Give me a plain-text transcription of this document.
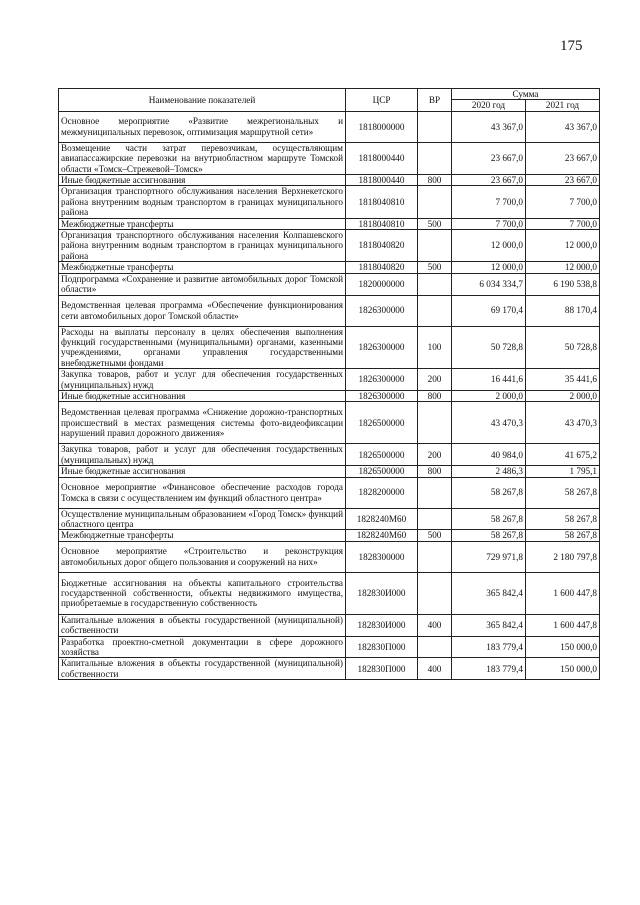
175
Наименование показателей	ЦСР	ВР	Сумма	
			2020 год	2021 год
Основное мероприятие «Развитие межрегиональных и межмуниципальных перевозок, оптимизация маршрутной сети»	1818000000		43 367,0	43 367,0
Возмещение части затрат перевозчикам, осуществляющим авиапассажирские перевозки на внутриобластном маршруте Томской области «Томск–Стрежевой–Томск»	1818000440		23 667,0	23 667,0
Иные бюджетные ассигнования	1818000440	800	23 667,0	23 667,0
Организация транспортного обслуживания населения Верхнекетского района внутренним водным транспортом в границах муниципального района	1818040810		7 700,0	7 700,0
Межбюджетные трансферты	1818040810	500	7 700,0	7 700,0
Организация транспортного обслуживания населения Колпашевского района внутренним водным транспортом в границах муниципального района	1818040820		12 000,0	12 000,0
Межбюджетные трансферты	1818040820	500	12 000,0	12 000,0
Подпрограмма «Сохранение и развитие автомобильных дорог Томской области»	1820000000		6 034 334,7	6 190 538,8
Ведомственная целевая программа «Обеспечение функционирования сети автомобильных дорог Томской области»	1826300000		69 170,4	88 170,4
Расходы на выплаты персоналу в целях обеспечения выполнения функций государственными (муниципальными) органами, казенными учреждениями, органами управления государственными внебюджетными фондами	1826300000	100	50 728,8	50 728,8
Закупка товаров, работ и услуг для обеспечения государственных (муниципальных) нужд	1826300000	200	16 441,6	35 441,6
Иные бюджетные ассигнования	1826300000	800	2 000,0	2 000,0
Ведомственная целевая программа «Снижение дорожно-транспортных происшествий в местах размещения системы фото-видеофиксации нарушений правил дорожного движения»	1826500000		43 470,3	43 470,3
Закупка товаров, работ и услуг для обеспечения государственных (муниципальных) нужд	1826500000	200	40 984,0	41 675,2
Иные бюджетные ассигнования	1826500000	800	2 486,3	1 795,1
Основное мероприятие «Финансовое обеспечение расходов города Томска в связи с осуществлением им функций областного центра»	1828200000		58 267,8	58 267,8
Осуществление муниципальным образованием «Город Томск» функций областного центра	1828240М60		58 267,8	58 267,8
Межбюджетные трансферты	1828240М60	500	58 267,8	58 267,8
Основное мероприятие «Строительство и реконструкция автомобильных дорог общего пользования и сооружений на них»	1828300000		729 971,8	2 180 797,8
Бюджетные ассигнования на объекты капитального строительства государственной собственности, объекты недвижимого имущества, приобретаемые в государственную собственность	182830И000		365 842,4	1 600 447,8
Капитальные вложения в объекты государственной (муниципальной) собственности	182830И000	400	365 842,4	1 600 447,8
Разработка проектно-сметной документации в сфере дорожного хозяйства	182830П000		183 779,4	150 000,0
Капитальные вложения в объекты государственной (муниципальной) собственности	182830П000	400	183 779,4	150 000,0
